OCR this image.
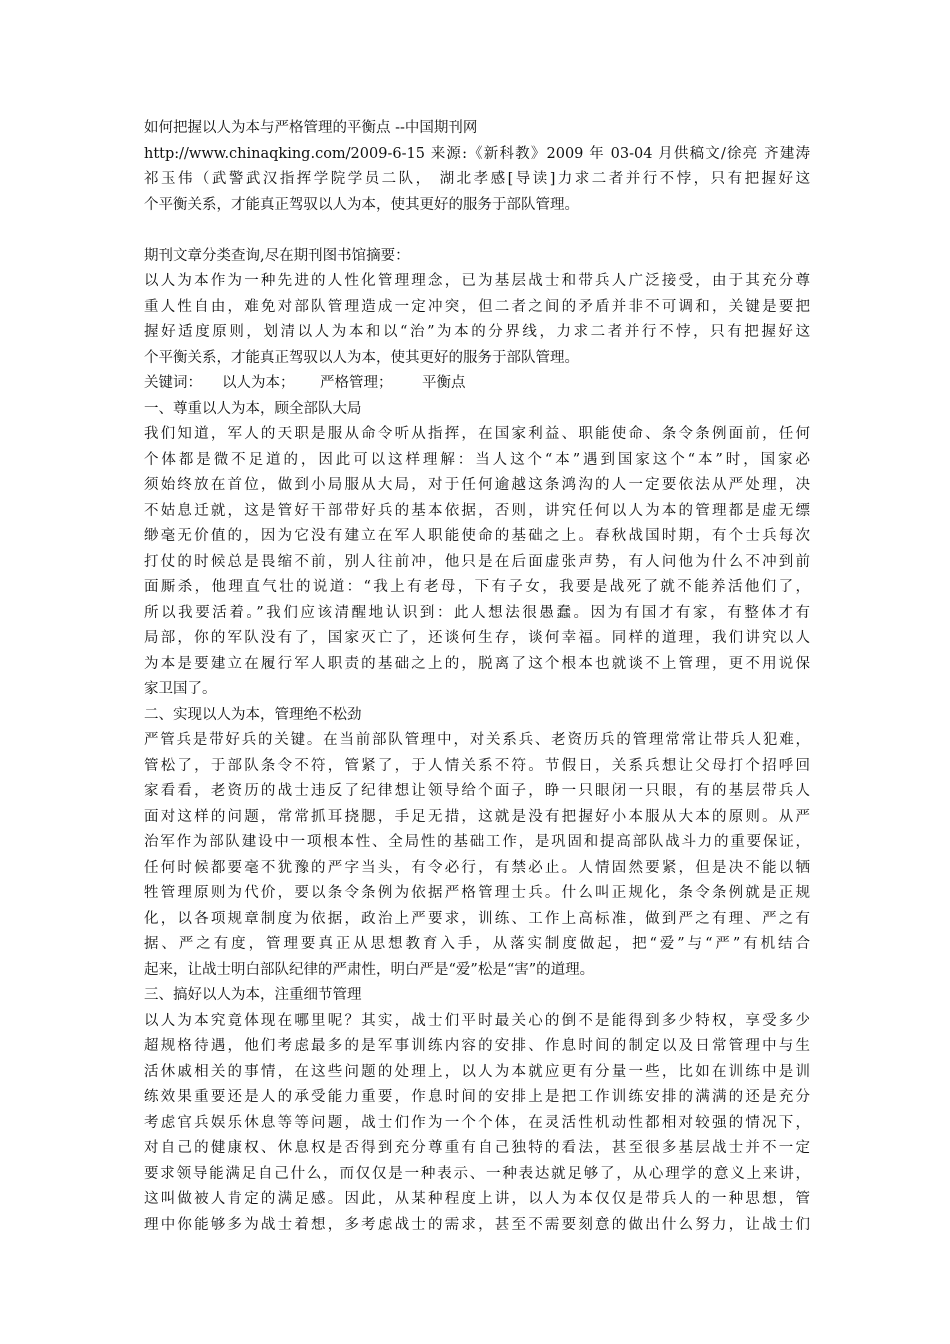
如何把握以人为本与严格管理的平衡点 --中国期刊网
http://www.chinaqking.com/2009-6-15 来源:《新科教》2009 年 03-04 月供稿文/徐亮 齐建涛
祁玉伟（武警武汉指挥学院学员二队， 湖北孝感[导读]力求二者并行不悖，只有把握好这
个平衡关系，才能真正驾驭以人为本，使其更好的服务于部队管理。
期刊文章分类查询,尽在期刊图书馆摘要：
以人为本作为一种先进的人性化管理理念，已为基层战士和带兵人广泛接受，由于其充分尊
重人性自由，难免对部队管理造成一定冲突，但二者之间的矛盾并非不可调和，关键是要把
握好适度原则，划清以人为本和以“治”为本的分界线，力求二者并行不悖，只有把握好这
个平衡关系，才能真正驾驭以人为本，使其更好的服务于部队管理。
关键词： 以人为本； 严格管理； 平衡点
一、尊重以人为本，顾全部队大局
我们知道，军人的天职是服从命令听从指挥，在国家利益、职能使命、条令条例面前，任何
个体都是微不足道的，因此可以这样理解：当人这个“本”遇到国家这个“本”时，国家必
须始终放在首位，做到小局服从大局，对于任何逾越这条鸿沟的人一定要依法从严处理，决
不姑息迁就，这是管好干部带好兵的基本依据，否则，讲究任何以人为本的管理都是虚无缥
缈毫无价值的，因为它没有建立在军人职能使命的基础之上。春秋战国时期，有个士兵每次
打仗的时候总是畏缩不前，别人往前冲，他只是在后面虚张声势，有人问他为什么不冲到前
面厮杀，他理直气壮的说道：“我上有老母，下有子女，我要是战死了就不能养活他们了，
所以我要活着。”我们应该清醒地认识到：此人想法很愚蠢。因为有国才有家，有整体才有
局部，你的军队没有了，国家灭亡了，还谈何生存，谈何幸福。同样的道理，我们讲究以人
为本是要建立在履行军人职责的基础之上的，脱离了这个根本也就谈不上管理，更不用说保
家卫国了。
二、实现以人为本，管理绝不松劲
严管兵是带好兵的关键。在当前部队管理中，对关系兵、老资历兵的管理常常让带兵人犯难，
管松了，于部队条令不符，管紧了，于人情关系不符。节假日，关系兵想让父母打个招呼回
家看看，老资历的战士违反了纪律想让领导给个面子，睁一只眼闭一只眼，有的基层带兵人
面对这样的问题，常常抓耳挠腮，手足无措，这就是没有把握好小本服从大本的原则。从严
治军作为部队建设中一项根本性、全局性的基础工作，是巩固和提高部队战斗力的重要保证，
任何时候都要毫不犹豫的严字当头，有令必行，有禁必止。人情固然要紧，但是决不能以牺
牲管理原则为代价，要以条令条例为依据严格管理士兵。什么叫正规化，条令条例就是正规
化，以各项规章制度为依据，政治上严要求，训练、工作上高标准，做到严之有理、严之有
据、严之有度，管理要真正从思想教育入手，从落实制度做起，把“爱”与“严”有机结合
起来，让战士明白部队纪律的严肃性，明白严是“爱”松是“害”的道理。
三、搞好以人为本，注重细节管理
以人为本究竟体现在哪里呢？其实，战士们平时最关心的倒不是能得到多少特权，享受多少
超规格待遇，他们考虑最多的是军事训练内容的安排、作息时间的制定以及日常管理中与生
活休戚相关的事情，在这些问题的处理上，以人为本就应更有分量一些，比如在训练中是训
练效果重要还是人的承受能力重要，作息时间的安排上是把工作训练安排的满满的还是充分
考虑官兵娱乐休息等等问题，战士们作为一个个体，在灵活性机动性都相对较强的情况下，
对自己的健康权、休息权是否得到充分尊重有自己独特的看法，甚至很多基层战士并不一定
要求领导能满足自己什么，而仅仅是一种表示、一种表达就足够了，从心理学的意义上来讲，
这叫做被人肯定的满足感。因此，从某种程度上讲，以人为本仅仅是带兵人的一种思想，管
理中你能够多为战士着想，多考虑战士的需求，甚至不需要刻意的做出什么努力，让战士们
